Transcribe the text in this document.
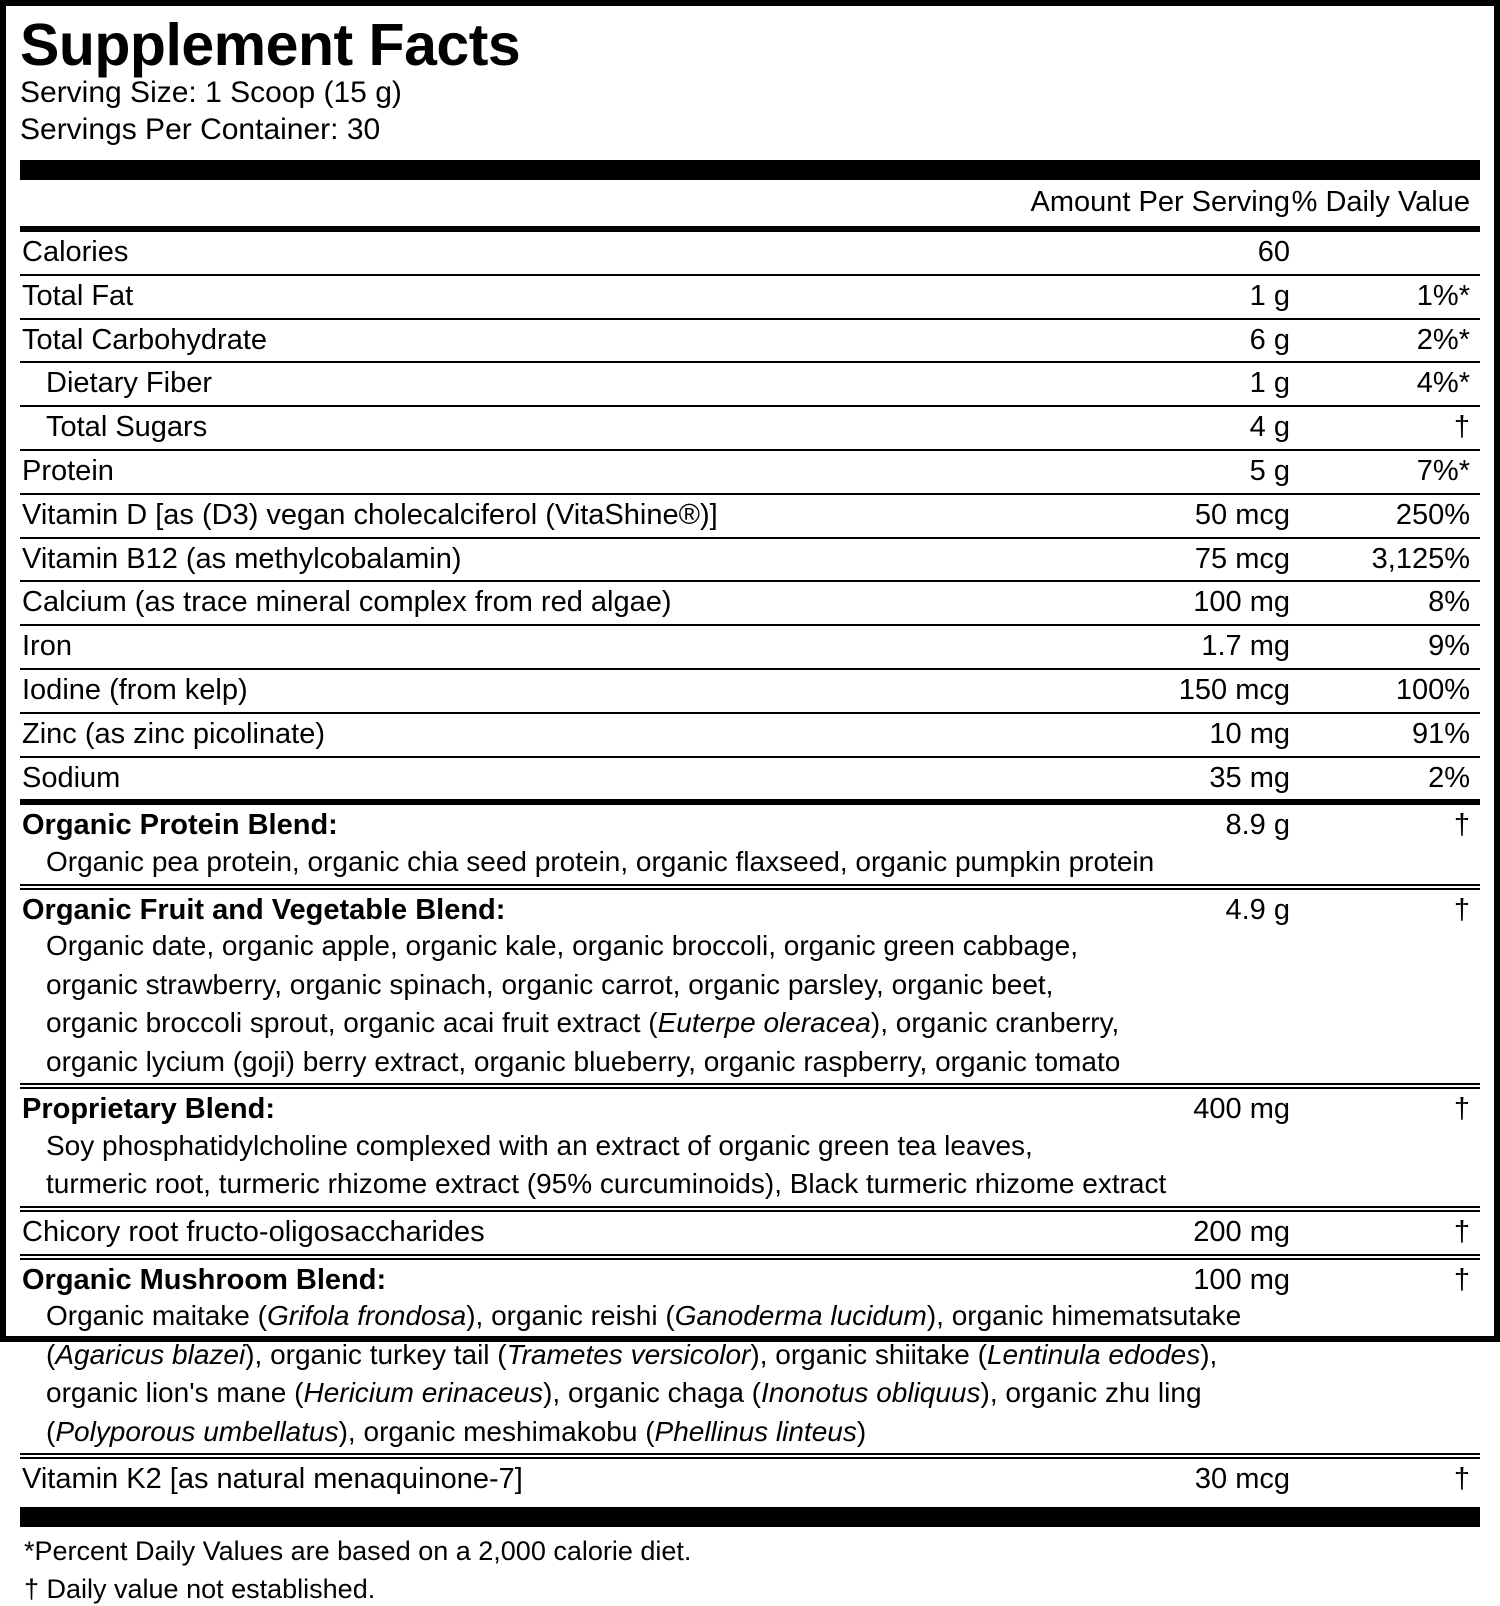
Supplement Facts
Serving Size: 1 Scoop (15 g)
Servings Per Container: 30
Amount Per Serving % Daily Value
Calories	60
Total Fat	1 g	1%*
Total Carbohydrate	6 g	2%*
Dietary Fiber	1 g	4%*
Total Sugars	4 g	†
Protein	5 g	7%*
Vitamin D [as (D3) vegan cholecalciferol (VitaShine®)]	50 mcg	250%
Vitamin B12 (as methylcobalamin)	75 mcg	3,125%
Calcium (as trace mineral complex from red algae)	100 mg	8%
Iron	1.7 mg	9%
Iodine (from kelp)	150 mcg	100%
Zinc (as zinc picolinate)	10 mg	91%
Sodium	35 mg	2%
Organic Protein Blend:	8.9 g	†
Organic pea protein, organic chia seed protein, organic flaxseed, organic pumpkin protein
Organic Fruit and Vegetable Blend:	4.9 g	†
Organic date, organic apple, organic kale, organic broccoli, organic green cabbage,
organic strawberry, organic spinach, organic carrot, organic parsley, organic beet,
organic broccoli sprout, organic acai fruit extract (Euterpe oleracea), organic cranberry,
organic lycium (goji) berry extract, organic blueberry, organic raspberry, organic tomato
Proprietary Blend:	400 mg	†
Soy phosphatidylcholine complexed with an extract of organic green tea leaves,
turmeric root, turmeric rhizome extract (95% curcuminoids), Black turmeric rhizome extract
Chicory root fructo-oligosaccharides	200 mg	†
Organic Mushroom Blend:	100 mg	†
Organic maitake (Grifola frondosa), organic reishi (Ganoderma lucidum), organic himematsutake
(Agaricus blazei), organic turkey tail (Trametes versicolor), organic shiitake (Lentinula edodes),
organic lion's mane (Hericium erinaceus), organic chaga (Inonotus obliquus), organic zhu ling
(Polyporous umbellatus), organic meshimakobu (Phellinus linteus)
Vitamin K2 [as natural menaquinone-7]	30 mcg	†
*Percent Daily Values are based on a 2,000 calorie diet.
† Daily value not established.
